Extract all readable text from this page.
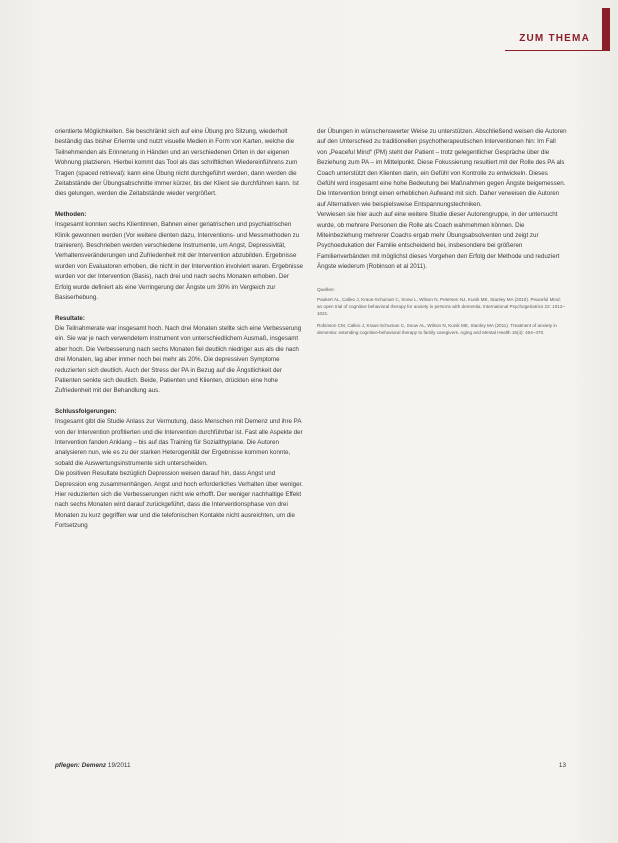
ZUM THEMA

orientierte Möglichkeiten. Sie beschränkt sich auf eine Übung pro Sitzung, wiederholt beständig das bisher Erlernte und nutzt visuelle Medien in Form von Karten, welche die Teilnehmenden als Erinnerung in Händen und an verschiedenen Orten in der eigenen Wohnung platzieren. Hierbei kommt das Tool als das schriftlichen Wiedereinführens zum Tragen (spaced retrieval): kann eine Übung nicht durchgeführt werden, dann werden die Zeitabstände der Übungsabschnitte immer kürzer, bis der Klient sie durchführen kann. Ist dies gelungen, werden die Zeitabstände wieder vergrößert.

Methoden:

Insgesamt konnten sechs Klientinnen, Bahnen einer geriatrischen und psychiatrischen Klinik gewonnen werden (Vor weitere dienten dazu, Interventions- und Messmethoden zu trainieren). Beschrieben werden verschiedene Instrumente, um Angst, Depressivität, Verhaltensveränderungen und Zufriedenheit mit der Intervention abzubilden. Ergebnisse wurden von Evaluatoren erhoben, die nicht in der Intervention involviert waren. Ergebnisse wurden vor der Intervention (Basis), nach drei und nach sechs Monaten erhoben. Der Erfolg wurde definiert als eine Verringerung der Ängste um 30% im Vergleich zur Basiserhebung.

Resultate:

Die Teilnahmerate war insgesamt hoch. Nach drei Monaten stellte sich eine Verbesserung ein. Sie war je nach verwendetem Instrument von unterschiedlichem Ausmaß, insgesamt aber hoch. Die Verbesserung nach sechs Monaten fiel deutlich niedriger aus als die nach drei Monaten, lag aber immer noch bei mehr als 20%. Die depressiven Symptome reduzierten sich deutlich. Auch der Stress der PA in Bezug auf die Ängstlichkeit der Patienten senkte sich deutlich. Beide, Patienten und Klienten, drückten eine hohe Zufriedenheit mit der Behandlung aus.

Schlussfolgerungen:

Insgesamt gibt die Studie Anlass zur Vermutung, dass Menschen mit Demenz und ihre PA von der Intervention profitierten und die Intervention durchführbar ist. Fast alle Aspekte der Intervention fanden Anklang – bis auf das Training für Sozialthyplane. Die Autoren analysieren nun, wie es zu der starken Heterogenität der Ergebnisse kommen konnte, sobald die Auswertungsinstrumente sich unterscheiden.

Die positiven Resultate bezüglich Depression weisen darauf hin, dass Angst und Depression eng zusammenhängen. Angst und hoch erforderliches Verhalten über weniger. Hier reduzierten sich die Verbesserungen nicht wie erhofft. Der weniger nachhaltige Effekt nach sechs Monaten wird darauf zurückgeführt, dass die Interventionsphase von drei Monaten zu kurz gegriffen war und die telefonischen Kontakte nicht ausreichten, um die Fortsetzung

der Übungen in wünschenswerter Weise zu unterstützen. Abschließend weisen die Autoren auf den Unterschied zu traditionellen psychotherapeutischen Interventionen hin: Im Fall von „Peaceful Mind“ (PM) steht der Patient – trotz gelegentlicher Gespräche über die Beziehung zum PA – im Mittelpunkt. Diese Fokussierung resultiert mit der Rolle des PA als Coach unterstützt den Klienten darin, ein Gefühl von Kontrolle zu entwickeln. Dieses Gefühl wird insgesamt eine hohe Bedeutung bei Maßnahmen gegen Ängste beigemessen.

Die Intervention bringt einen erheblichen Aufwand mit sich. Daher verweisen die Autoren auf Alternativen wie beispielsweise Entspannungstechniken.

Verwiesen sie hier auch auf eine weitere Studie dieser Autorengruppe, in der untersucht wurde, ob mehrere Personen die Rolle als Coach wahrnehmen können. Die Miteinbeziehung mehrerer Coachs ergab mehr Übungsabsolventen und zeigt zur Psychoedukation der Familie entscheidend bei, insbesondere bei größeren Familienverbänden mit möglichst dieses Vorgehen den Erfolg der Methode und reduziert Ängste wiederum (Robinson et al 2011).

Quellen:

Paukert AL, Calleo J, Kraus-Schuman C, Snow L, Wilson N, Petersen NJ, Kunik ME, Stanley MA (2010). Peaceful Mind: an open trial of cognitive behavioral therapy for anxiety in persons with dementia. International Psychogeriatrics 22: 1012–1021.

Robinson CM, Calleo J, Kraus-Schuman C, Snow AL, Wilson N, Kunik ME, Stanley MA (2011). Treatment of anxiety in dementia: extending cognitive-behavioral therapy to family caregivers. Aging and Mental Health 16(4): 464–470.

pflegen: Demenz 19/2011	13
